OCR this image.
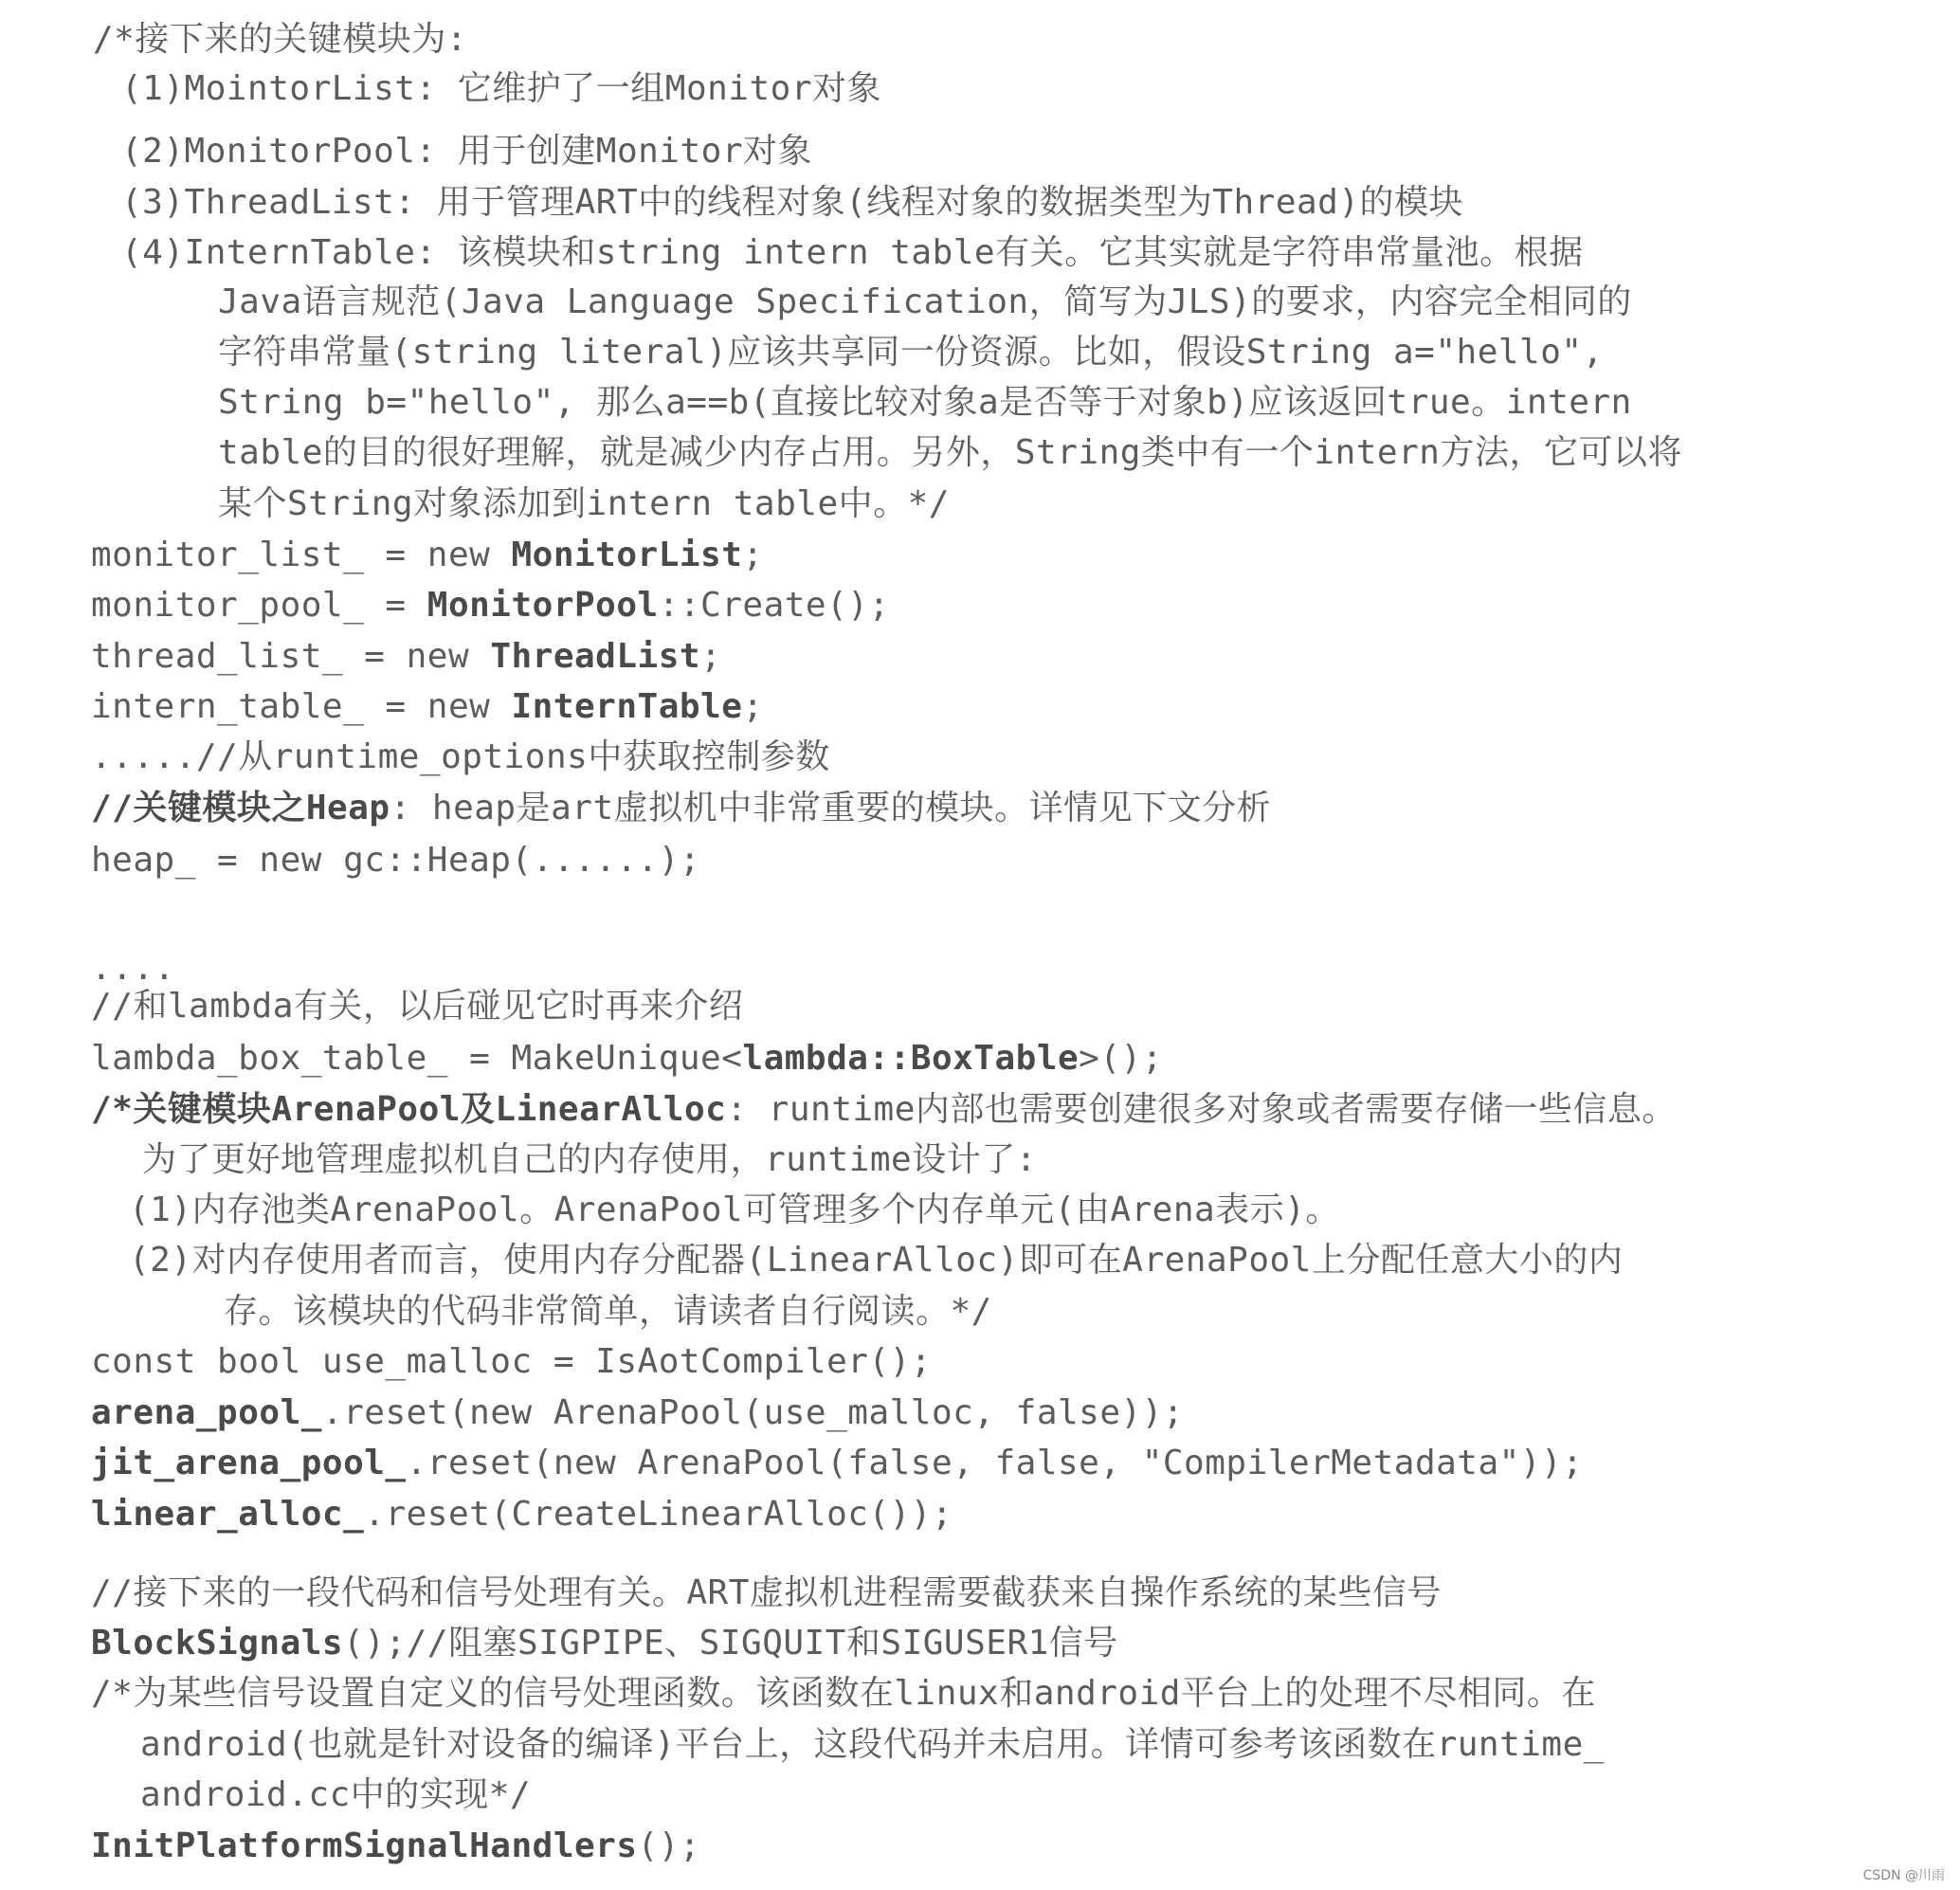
/*接下来的关键模块为:
(1)MointorList: 它维护了一组Monitor对象
(2)MonitorPool: 用于创建Monitor对象
(3)ThreadList: 用于管理ART中的线程对象(线程对象的数据类型为Thread)的模块
(4)InternTable: 该模块和string intern table有关。它其实就是字符串常量池。根据
Java语言规范(Java Language Specification，简写为JLS)的要求，内容完全相同的
字符串常量(string literal)应该共享同一份资源。比如，假设String a="hello",
String b="hello", 那么a==b(直接比较对象a是否等于对象b)应该返回true。intern
table的目的很好理解，就是减少内存占用。另外，String类中有一个intern方法，它可以将
某个String对象添加到intern table中。*/
monitor_list_ = new MonitorList;
monitor_pool_ = MonitorPool::Create();
thread_list_ = new ThreadList;
intern_table_ = new InternTable;
.....//从runtime_options中获取控制参数
//关键模块之Heap: heap是art虚拟机中非常重要的模块。详情见下文分析
heap_ = new gc::Heap(......);
....
//和lambda有关，以后碰见它时再来介绍
lambda_box_table_ = MakeUnique<lambda::BoxTable>();
/*关键模块ArenaPool及LinearAlloc: runtime内部也需要创建很多对象或者需要存储一些信息。
为了更好地管理虚拟机自己的内存使用，runtime设计了:
(1)内存池类ArenaPool。ArenaPool可管理多个内存单元(由Arena表示)。
(2)对内存使用者而言，使用内存分配器(LinearAlloc)即可在ArenaPool上分配任意大小的内
存。该模块的代码非常简单，请读者自行阅读。*/
const bool use_malloc = IsAotCompiler();
arena_pool_.reset(new ArenaPool(use_malloc, false));
jit_arena_pool_.reset(new ArenaPool(false, false, "CompilerMetadata"));
linear_alloc_.reset(CreateLinearAlloc());
//接下来的一段代码和信号处理有关。ART虚拟机进程需要截获来自操作系统的某些信号
BlockSignals();//阻塞SIGPIPE、SIGQUIT和SIGUSER1信号
/*为某些信号设置自定义的信号处理函数。该函数在linux和android平台上的处理不尽相同。在
android(也就是针对设备的编译)平台上，这段代码并未启用。详情可参考该函数在runtime_
android.cc中的实现*/
InitPlatformSignalHandlers();
CSDN @川雨
